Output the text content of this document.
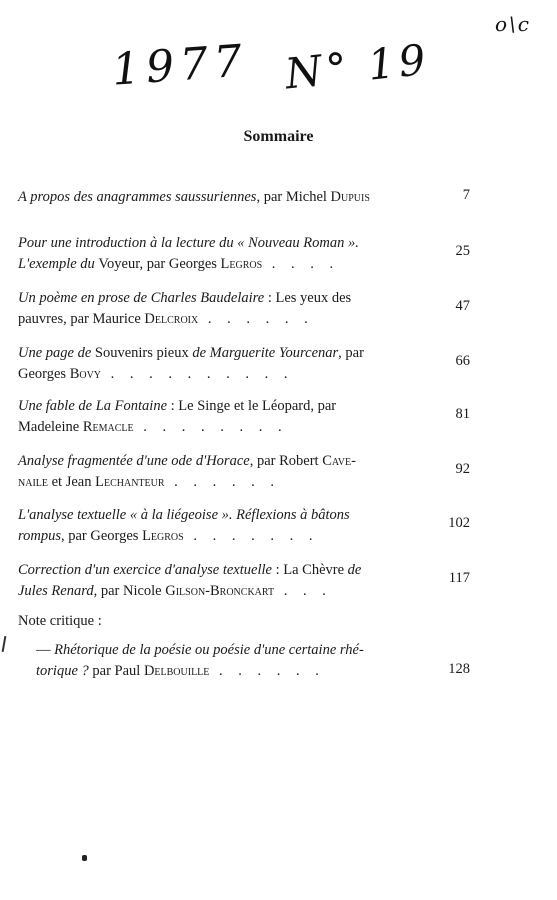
o\c
1977 N° 19
Sommaire
Note critique :
A propos des anagrammes saussuriennes, par Michel Dupuis	7
Pour une introduction à la lecture du « Nouveau Roman ».
L'exemple du Voyeur, par Georges Legros . . . .
25
Un poème en prose de Charles Baudelaire : Les yeux des
pauvres, par Maurice Delcroix . . . . . .
47
Une page de Souvenirs pieux de Marguerite Yourcenar, par
Georges Bovy . . . . . . . . . .
66
Une fable de La Fontaine : Le Singe et le Léopard, par
Madeleine Remacle . . . . . . . .
81
Analyse fragmentée d'une ode d'Horace, par Robert Cave-
naile et Jean Lechanteur . . . . . .
92
L'analyse textuelle « à la liégeoise ». Réflexions à bâtons
rompus, par Georges Legros . . . . . . .
102
Correction d'un exercice d'analyse textuelle : La Chèvre de
Jules Renard, par Nicole Gilson-Bronckart . . .
117
— Rhétorique de la poésie ou poésie d'une certaine rhé-
torique ? par Paul Delbouille . . . . . .	128
